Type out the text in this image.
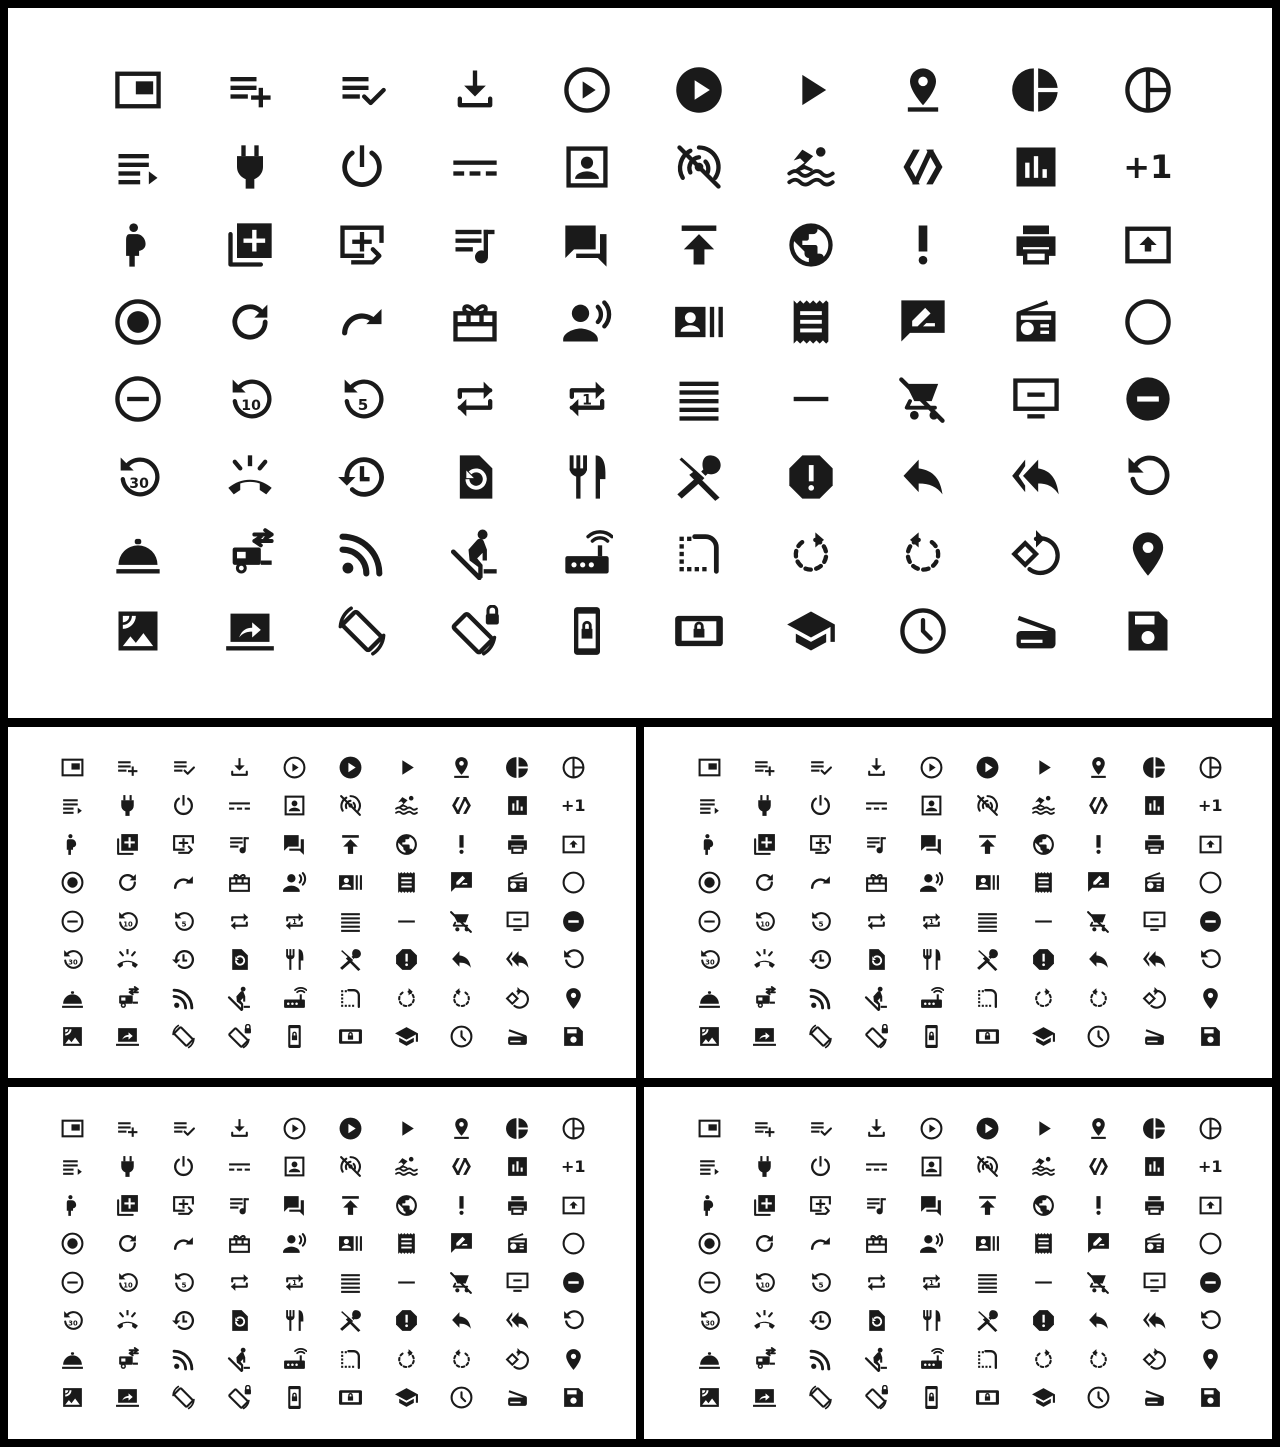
+1
10	5	1
30
+1
10	5	1
30
+1
10	5	1
30
+1
10	5	1
30
+1
10	5	1
30
